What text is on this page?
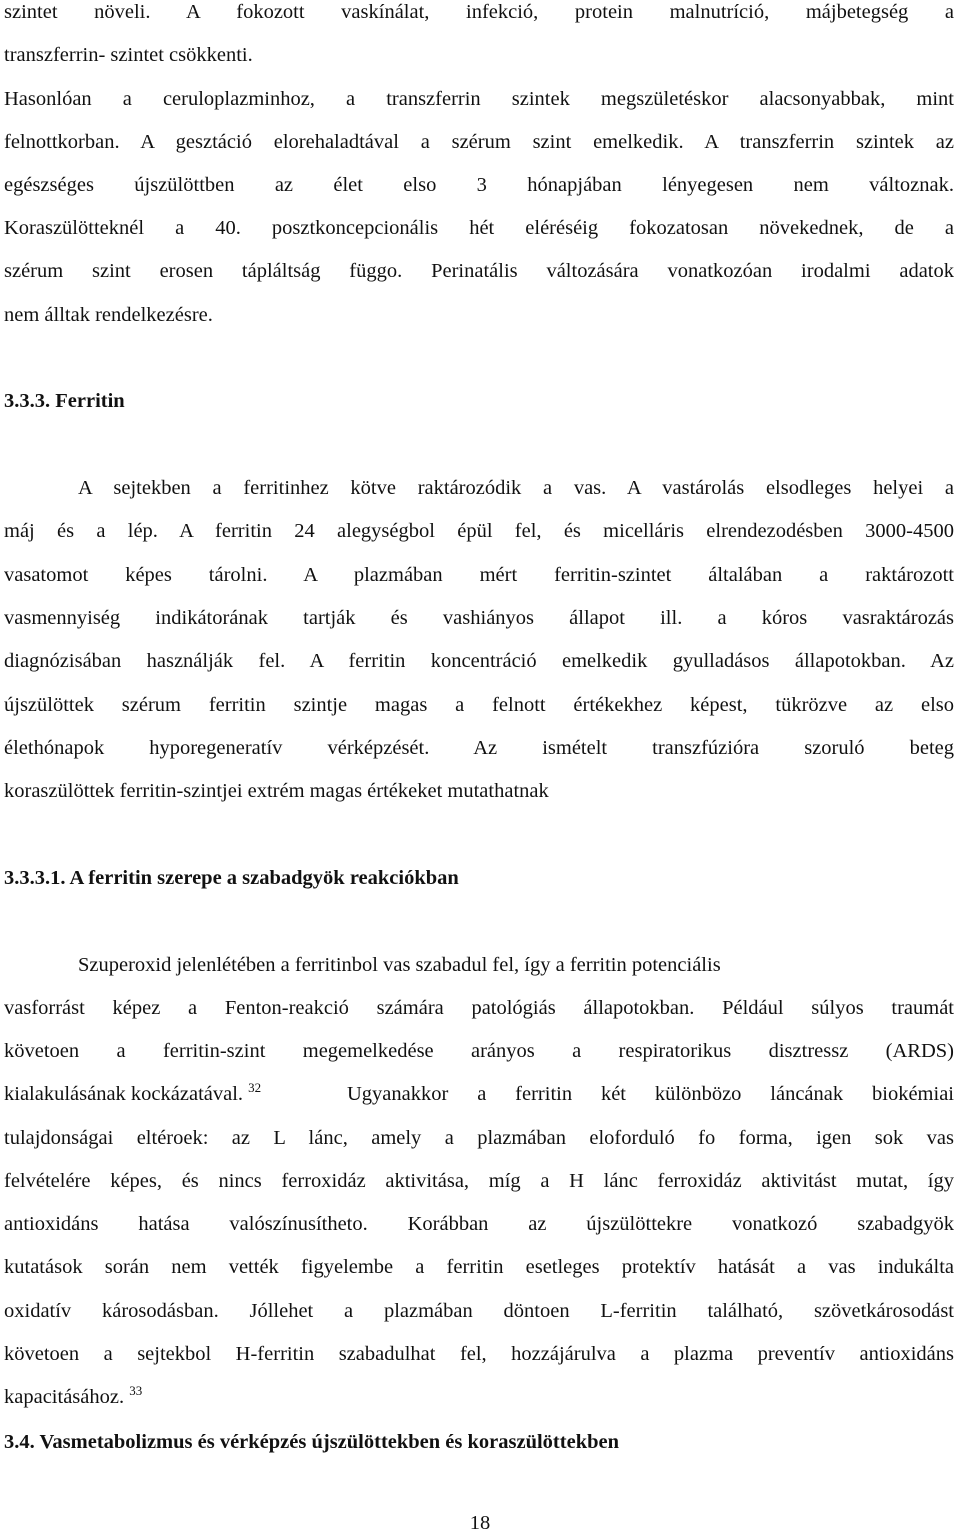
szintet növeli. A fokozott vaskínálat, infekció, protein malnutríció, májbetegség a
transzferrin- szintet csökkenti.
Hasonlóan a ceruloplazminhoz, a transzferrin szintek megszületéskor alacsonyabbak, mint
felnottkorban. A gesztáció elorehaladtával a szérum szint emelkedik. A transzferrin szintek az
egészséges újszülöttben az élet elso 3 hónapjában lényegesen nem változnak.
Koraszülötteknél a 40. posztkoncepcionális hét eléréséig fokozatosan növekednek, de a
szérum szint erosen tápláltság függo. Perinatális változására vonatkozóan irodalmi adatok
nem álltak rendelkezésre.
3.3.3. Ferritin
A sejtekben a ferritinhez kötve raktározódik a vas. A vastárolás elsodleges helyei a
máj és a lép. A ferritin 24 alegységbol épül fel, és micelláris elrendezodésben 3000-4500
vasatomot képes tárolni. A plazmában mért ferritin-szintet általában a raktározott
vasmennyiség indikátorának tartják és vashiányos állapot ill. a kóros vasraktározás
diagnózisában használják fel. A ferritin koncentráció emelkedik gyulladásos állapotokban. Az
újszülöttek szérum ferritin szintje magas a felnott értékekhez képest, tükrözve az elso
élethónapok hyporegeneratív vérképzését. Az ismételt transzfúzióra szoruló beteg
koraszülöttek ferritin-szintjei extrém magas értékeket mutathatnak
3.3.3.1. A ferritin szerepe a szabadgyök reakciókban
Szuperoxid jelenlétében a ferritinbol vas szabadul fel, így a ferritin potenciális
vasforrást képez a Fenton-reakció számára patológiás állapotokban. Például súlyos traumát
követoen a ferritin-szint megemelkedése arányos a respiratorikus disztressz (ARDS)
kialakulásának kockázatával. $^{32}$	Ugyanakkor a ferritin két különbözo láncának biokémiai
tulajdonságai eltéroek: az L lánc, amely a plazmában eloforduló fo forma, igen sok vas
felvételére képes, és nincs ferroxidáz aktivitása, míg a H lánc ferroxidáz aktivitást mutat, így
antioxidáns hatása valószínusítheto. Korábban az újszülöttekre vonatkozó szabadgyök
kutatások során nem vették figyelembe a ferritin esetleges protektív hatását a vas indukálta
oxidatív károsodásban. Jóllehet a plazmában döntoen L-ferritin található, szövetkárosodást
követoen a sejtekbol H-ferritin szabadulhat fel, hozzájárulva a plazma preventív antioxidáns
kapacitásához. $^{33}$
3.4. Vasmetabolizmus és vérképzés újszülöttekben és koraszülöttekben
18
